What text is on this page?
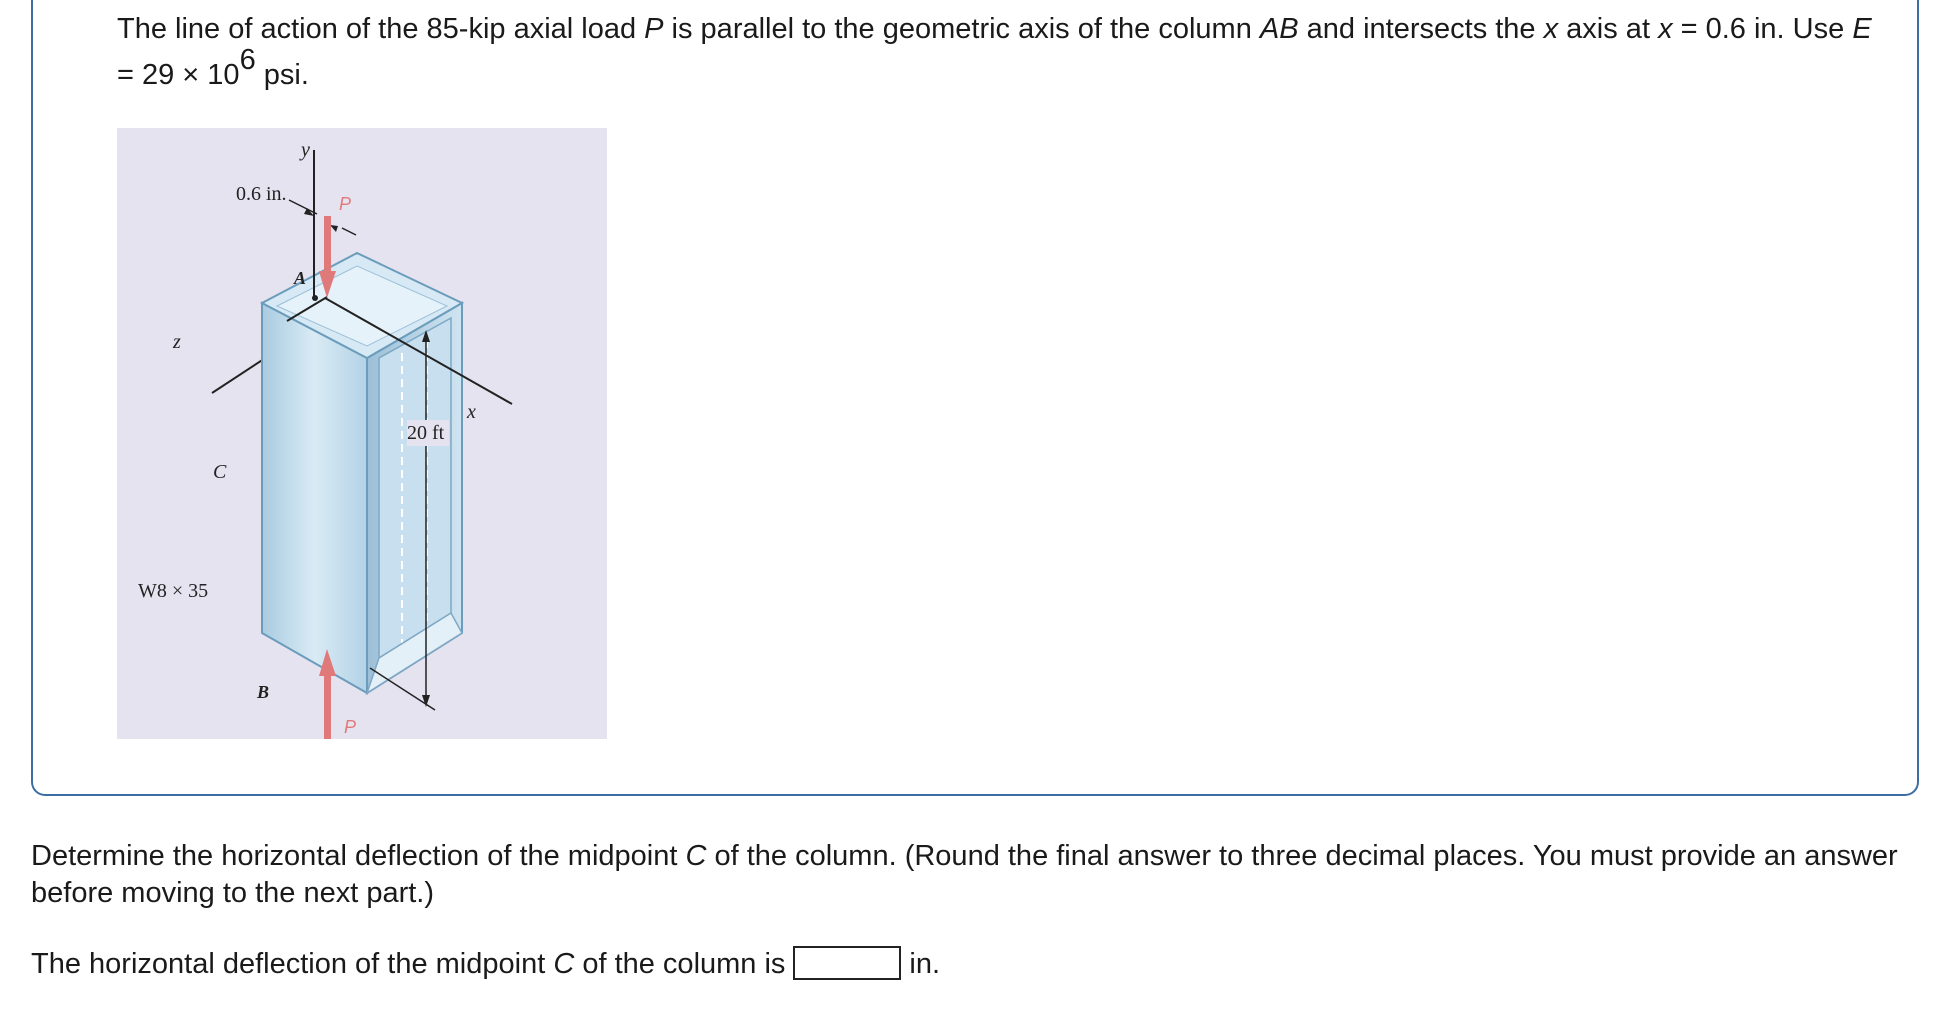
The line of action of the 85-kip axial load P is parallel to the geometric axis of the column AB and intersects the x axis at x = 0.6 in. Use $E = 29 \times 10^6$ psi.
y
0.6 in.	P
A
z
x
C
20 ft
W8 × 35
B
P
Determine the horizontal deflection of the midpoint C of the column. (Round the final answer to three decimal places. You must provide an answer before moving to the next part.)
The horizontal deflection of the midpoint C of the column is	in.
